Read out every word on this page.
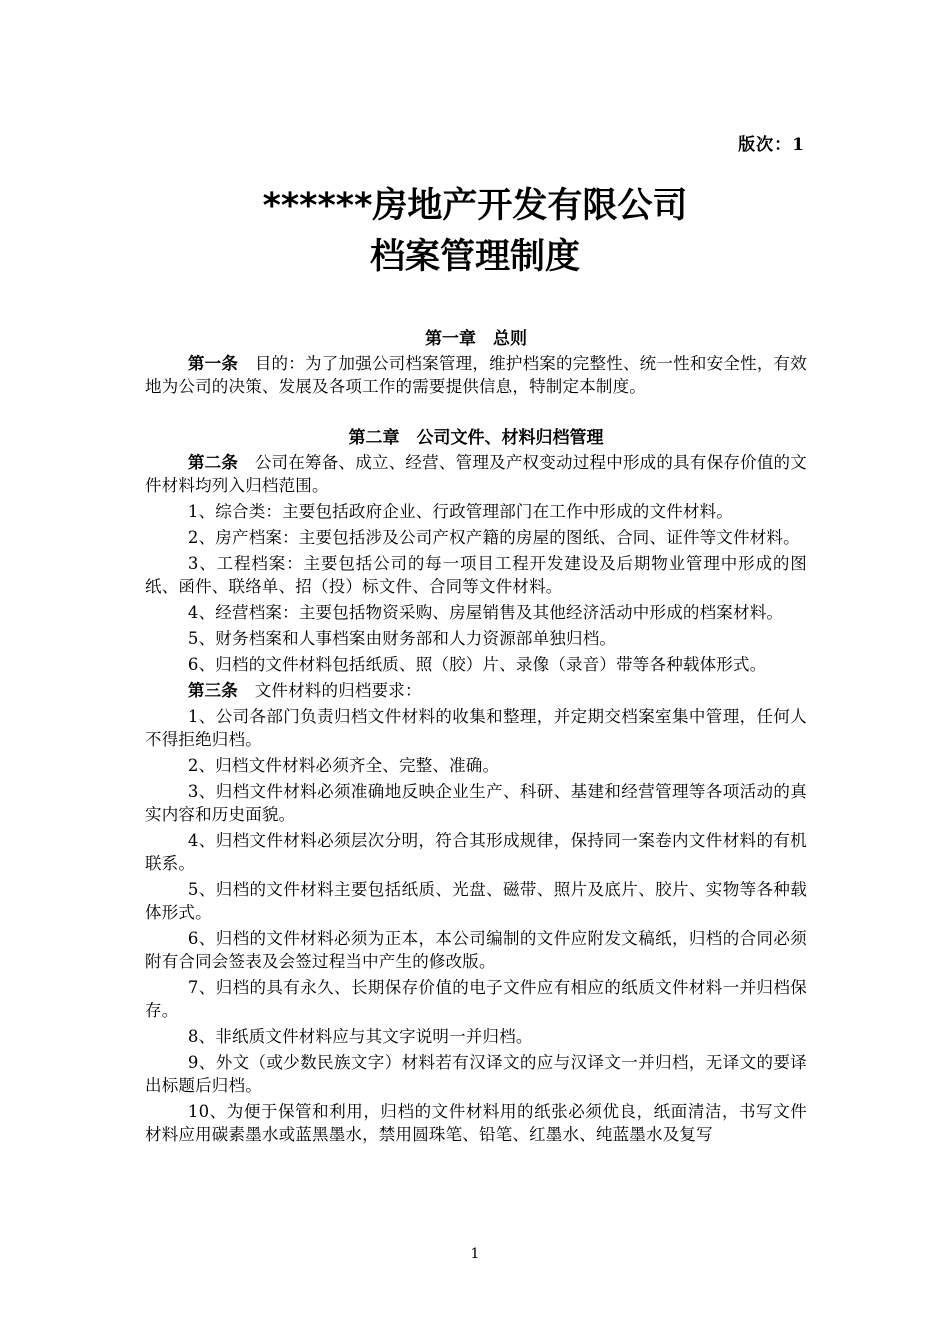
版次：1
******房地产开发有限公司
档案管理制度
第一章　总则

第一条　目的：为了加强公司档案管理，维护档案的完整性、统一性和安全性，有效地为公司的决策、发展及各项工作的需要提供信息，特制定本制度。

第二章　公司文件、材料归档管理

第二条　公司在筹备、成立、经营、管理及产权变动过程中形成的具有保存价值的文件材料均列入归档范围。

1、综合类：主要包括政府企业、行政管理部门在工作中形成的文件材料。

2、房产档案：主要包括涉及公司产权产籍的房屋的图纸、合同、证件等文件材料。

3、工程档案：主要包括公司的每一项目工程开发建设及后期物业管理中形成的图纸、函件、联络单、招（投）标文件、合同等文件材料。

4、经营档案：主要包括物资采购、房屋销售及其他经济活动中形成的档案材料。

5、财务档案和人事档案由财务部和人力资源部单独归档。

6、归档的文件材料包括纸质、照（胶）片、录像（录音）带等各种载体形式。

第三条　文件材料的归档要求：

1、公司各部门负责归档文件材料的收集和整理，并定期交档案室集中管理，任何人不得拒绝归档。

2、归档文件材料必须齐全、完整、准确。

3、归档文件材料必须准确地反映企业生产、科研、基建和经营管理等各项活动的真实内容和历史面貌。

4、归档文件材料必须层次分明，符合其形成规律，保持同一案卷内文件材料的有机联系。

5、归档的文件材料主要包括纸质、光盘、磁带、照片及底片、胶片、实物等各种载体形式。

6、归档的文件材料必须为正本，本公司编制的文件应附发文稿纸，归档的合同必须附有合同会签表及会签过程当中产生的修改版。

7、归档的具有永久、长期保存价值的电子文件应有相应的纸质文件材料一并归档保存。

8、非纸质文件材料应与其文字说明一并归档。

9、外文（或少数民族文字）材料若有汉译文的应与汉译文一并归档，无译文的要译出标题后归档。

10、为便于保管和利用，归档的文件材料用的纸张必须优良，纸面清洁，书写文件材料应用碳素墨水或蓝黑墨水，禁用圆珠笔、铅笔、红墨水、纯蓝墨水及复写

1
